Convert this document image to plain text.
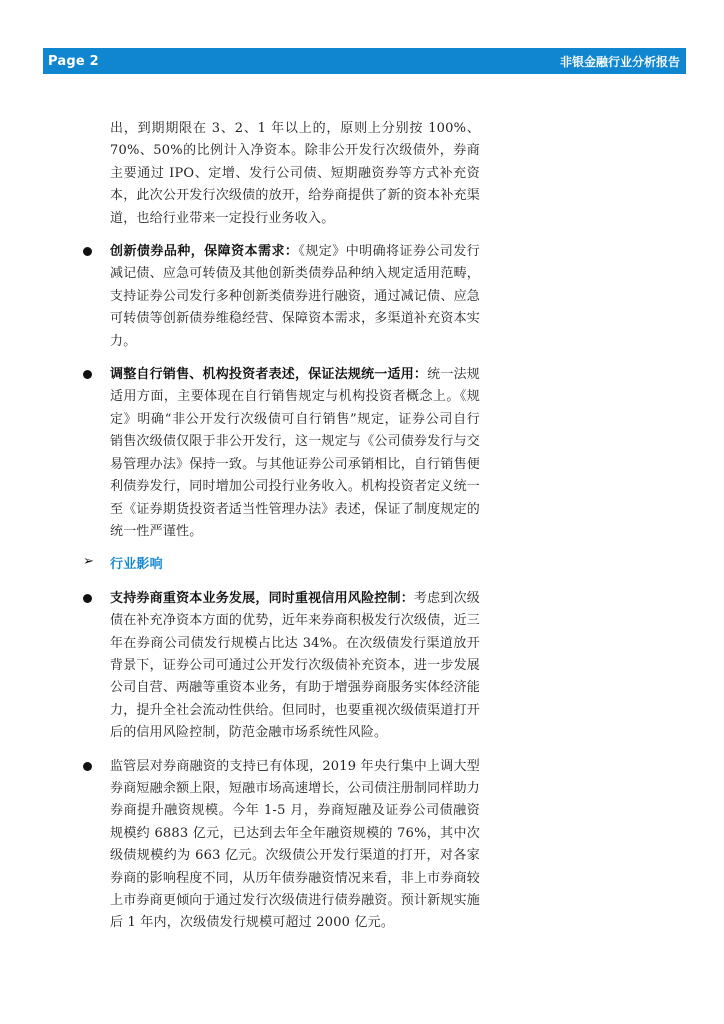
Page 2	非银金融行业分析报告
出，到期期限在 3、2、1 年以上的，原则上分别按 100%、70%、50%的比例计入净资本。除非公开发行次级债外，券商主要通过 IPO、定增、发行公司债、短期融资券等方式补充资本，此次公开发行次级债的放开，给券商提供了新的资本补充渠道，也给行业带来一定投行业务收入。
创新债券品种，保障资本需求：《规定》中明确将证券公司发行减记债、应急可转债及其他创新类债券品种纳入规定适用范畴，支持证券公司发行多种创新类债券进行融资，通过减记债、应急可转债等创新债券维稳经营、保障资本需求，多渠道补充资本实力。
调整自行销售、机构投资者表述，保证法规统一适用：统一法规适用方面，主要体现在自行销售规定与机构投资者概念上。《规定》明确“非公开发行次级债可自行销售”规定，证券公司自行销售次级债仅限于非公开发行，这一规定与《公司债券发行与交易管理办法》保持一致。与其他证券公司承销相比，自行销售便利债券发行，同时增加公司投行业务收入。机构投资者定义统一至《证券期货投资者适当性管理办法》表述，保证了制度规定的统一性严谨性。
➢ 行业影响
支持券商重资本业务发展，同时重视信用风险控制：考虑到次级债在补充净资本方面的优势，近年来券商积极发行次级债，近三年在券商公司债发行规模占比达 34%。在次级债发行渠道放开背景下，证券公司可通过公开发行次级债补充资本，进一步发展公司自营、两融等重资本业务，有助于增强券商服务实体经济能力，提升全社会流动性供给。但同时，也要重视次级债渠道打开后的信用风险控制，防范金融市场系统性风险。
监管层对券商融资的支持已有体现，2019 年央行集中上调大型券商短融余额上限，短融市场高速增长，公司债注册制同样助力券商提升融资规模。今年 1-5 月，券商短融及证券公司债融资规模约 6883 亿元，已达到去年全年融资规模的 76%，其中次级债规模约为 663 亿元。次级债公开发行渠道的打开，对各家券商的影响程度不同，从历年债券融资情况来看，非上市券商较上市券商更倾向于通过发行次级债进行债券融资。预计新规实施后 1 年内，次级债发行规模可超过 2000 亿元。
